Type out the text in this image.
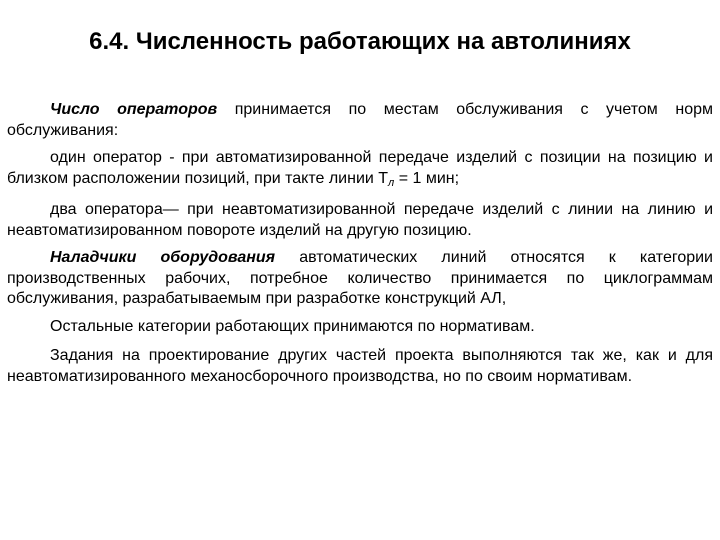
6.4. Численность работающих на автолиниях

Число операторов принимается по местам обслуживания с учетом норм обслуживания:

один оператор - при автоматизированной передаче изделий с позиции на позицию и близком расположении позиций, при такте линии $Т_л = 1$ мин;

два оператора— при неавтоматизированной передаче изделий с линии на линию и неавтоматизированном повороте изделий на другую позицию.

Наладчики оборудования автоматических линий относятся к категории производственных рабочих, потребное количество принимается по циклограммам обслуживания, разрабатываемым при разработке конструкций АЛ,

Остальные категории работающих принимаются по нормативам.

Задания на проектирование других частей проекта выполняются так же, как и для неавтоматизированного механосборочного производства, но по своим нормативам.
